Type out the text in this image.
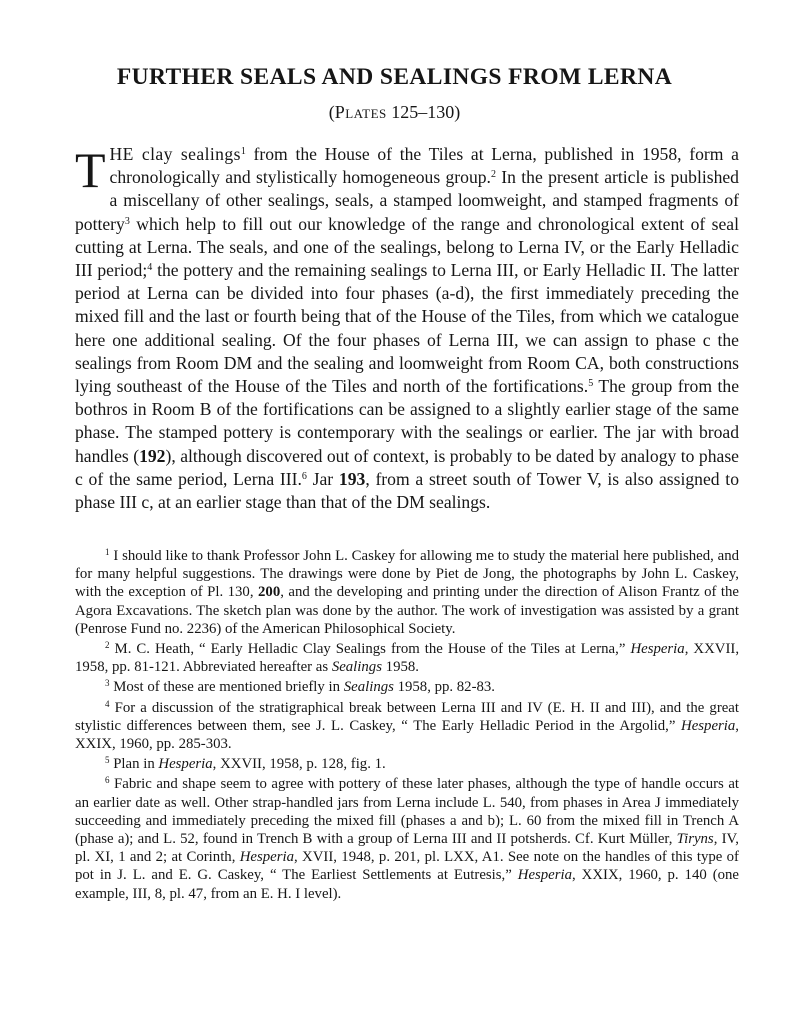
FURTHER SEALS AND SEALINGS FROM LERNA

(Plates 125–130)

THE clay sealings$^1$ from the House of the Tiles at Lerna, published in 1958, form a chronologically and stylistically homogeneous group.$^2$ In the present article is published a miscellany of other sealings, seals, a stamped loomweight, and stamped fragments of pottery$^3$ which help to fill out our knowledge of the range and chronological extent of seal cutting at Lerna. The seals, and one of the sealings, belong to Lerna IV, or the Early Helladic III period;$^4$ the pottery and the remaining sealings to Lerna III, or Early Helladic II. The latter period at Lerna can be divided into four phases (a-d), the first immediately preceding the mixed fill and the last or fourth being that of the House of the Tiles, from which we catalogue here one additional sealing. Of the four phases of Lerna III, we can assign to phase c the sealings from Room DM and the sealing and loomweight from Room CA, both constructions lying southeast of the House of the Tiles and north of the fortifications.$^5$ The group from the bothros in Room B of the fortifications can be assigned to a slightly earlier stage of the same phase. The stamped pottery is contemporary with the sealings or earlier. The jar with broad handles (192), although discovered out of context, is probably to be dated by analogy to phase c of the same period, Lerna III.$^6$ Jar 193, from a street south of Tower V, is also assigned to phase III c, at an earlier stage than that of the DM sealings.

$^1$ I should like to thank Professor John L. Caskey for allowing me to study the material here published, and for many helpful suggestions. The drawings were done by Piet de Jong, the photographs by John L. Caskey, with the exception of Pl. 130, 200, and the developing and printing under the direction of Alison Frantz of the Agora Excavations. The sketch plan was done by the author. The work of investigation was assisted by a grant (Penrose Fund no. 2236) of the American Philosophical Society.

$^2$ M. C. Heath, “ Early Helladic Clay Sealings from the House of the Tiles at Lerna,” Hesperia, XXVII, 1958, pp. 81-121. Abbreviated hereafter as Sealings 1958.

$^3$ Most of these are mentioned briefly in Sealings 1958, pp. 82-83.

$^4$ For a discussion of the stratigraphical break between Lerna III and IV (E. H. II and III), and the great stylistic differences between them, see J. L. Caskey, “ The Early Helladic Period in the Argolid,” Hesperia, XXIX, 1960, pp. 285-303.

$^5$ Plan in Hesperia, XXVII, 1958, p. 128, fig. 1.

$^6$ Fabric and shape seem to agree with pottery of these later phases, although the type of handle occurs at an earlier date as well. Other strap-handled jars from Lerna include L. 540, from phases in Area J immediately succeeding and immediately preceding the mixed fill (phases a and b); L. 60 from the mixed fill in Trench A (phase a); and L. 52, found in Trench B with a group of Lerna III and II potsherds. Cf. Kurt Müller, Tiryns, IV, pl. XI, 1 and 2; at Corinth, Hesperia, XVII, 1948, p. 201, pl. LXX, A1. See note on the handles of this type of pot in J. L. and E. G. Caskey, “ The Earliest Settlements at Eutresis,” Hesperia, XXIX, 1960, p. 140 (one example, III, 8, pl. 47, from an E. H. I level).
